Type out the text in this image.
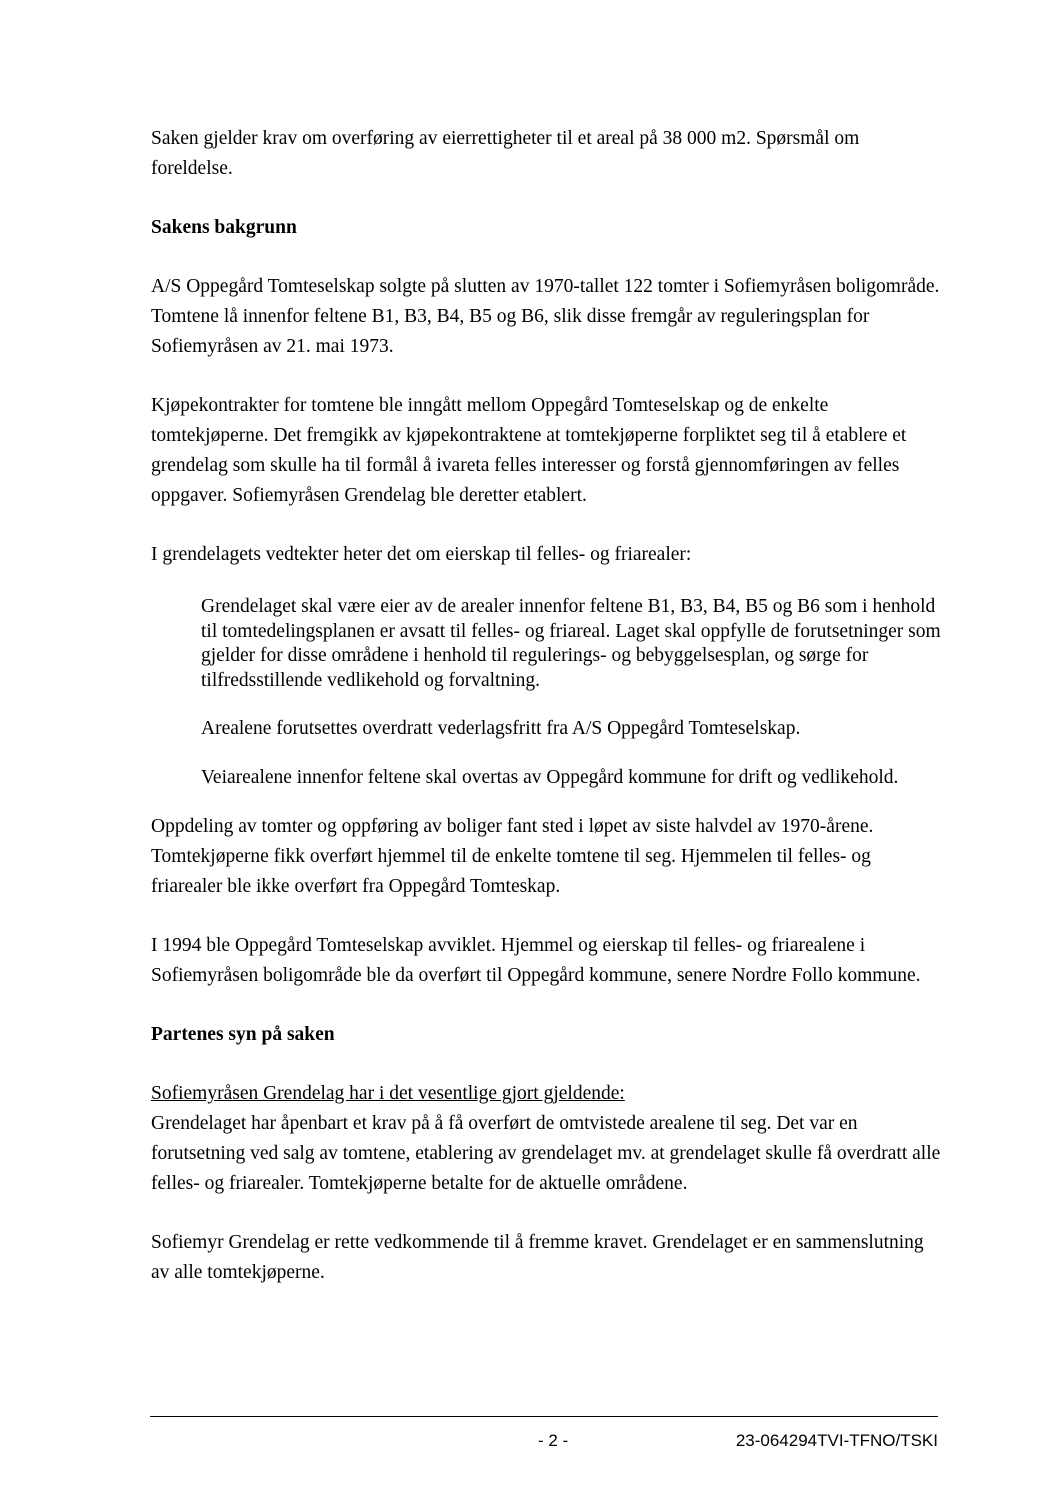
Saken gjelder krav om overføring av eierrettigheter til et areal på 38 000 m2. Spørsmål om foreldelse.

Sakens bakgrunn

A/S Oppegård Tomteselskap solgte på slutten av 1970-tallet 122 tomter i Sofiemyråsen boligområde. Tomtene lå innenfor feltene B1, B3, B4, B5 og B6, slik disse fremgår av reguleringsplan for Sofiemyråsen av 21. mai 1973.

Kjøpekontrakter for tomtene ble inngått mellom Oppegård Tomteselskap og de enkelte tomtekjøperne. Det fremgikk av kjøpekontraktene at tomtekjøperne forpliktet seg til å etablere et grendelag som skulle ha til formål å ivareta felles interesser og forstå gjennomføringen av felles oppgaver. Sofiemyråsen Grendelag ble deretter etablert.

I grendelagets vedtekter heter det om eierskap til felles- og friarealer:

Grendelaget skal være eier av de arealer innenfor feltene B1, B3, B4, B5 og B6 som i henhold til tomtedelingsplanen er avsatt til felles- og friareal. Laget skal oppfylle de forutsetninger som gjelder for disse områdene i henhold til regulerings- og bebyggelsesplan, og sørge for tilfredsstillende vedlikehold og forvaltning.

Arealene forutsettes overdratt vederlagsfritt fra A/S Oppegård Tomteselskap.

Veiarealene innenfor feltene skal overtas av Oppegård kommune for drift og vedlikehold.

Oppdeling av tomter og oppføring av boliger fant sted i løpet av siste halvdel av 1970-årene. Tomtekjøperne fikk overført hjemmel til de enkelte tomtene til seg. Hjemmelen til felles- og friarealer ble ikke overført fra Oppegård Tomteskap.

I 1994 ble Oppegård Tomteselskap avviklet. Hjemmel og eierskap til felles- og friarealene i Sofiemyråsen boligområde ble da overført til Oppegård kommune, senere Nordre Follo kommune.

Partenes syn på saken
Sofiemyråsen Grendelag har i det vesentlige gjort gjeldende:
Grendelaget har åpenbart et krav på å få overført de omtvistede arealene til seg. Det var en forutsetning ved salg av tomtene, etablering av grendelaget mv. at grendelaget skulle få overdratt alle felles- og friarealer. Tomtekjøperne betalte for de aktuelle områdene.

Sofiemyr Grendelag er rette vedkommende til å fremme kravet. Grendelaget er en sammenslutning av alle tomtekjøperne.

- 2 -	23-064294TVI-TFNO/TSKI
